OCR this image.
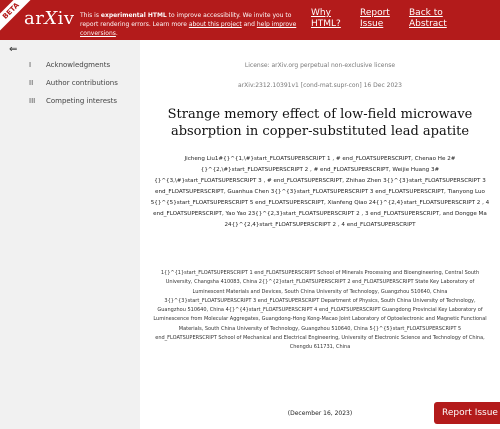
BETA arXiv This is experimental HTML to improve accessibility. We invite you to report rendering errors. Learn more about this project and help improve conversions.
Why
HTML?
Report
Issue
Back to
Abstract
⇐
I	Acknowledgments
II	Author contributions
III	Competing interests
License: arXiv.org perpetual non-exclusive license
arXiv:2312.10391v1 [cond-mat.supr-con] 16 Dec 2023
Strange memory effect of low-field microwave absorption in copper-substituted lead apatite
Jicheng Liu1#{}^{1,\#}start_FLOATSUPERSCRIPT 1 , # end_FLOATSUPERSCRIPT, Chenao He 2#{}^{2,\#}start_FLOATSUPERSCRIPT 2 , # end_FLOATSUPERSCRIPT, Weijie Huang 3#{}^{3,\#}start_FLOATSUPERSCRIPT 3 , # end_FLOATSUPERSCRIPT, Zhihao Zhen 3{}^{3}start_FLOATSUPERSCRIPT 3 end_FLOATSUPERSCRIPT, Guanhua Chen 3{}^{3}start_FLOATSUPERSCRIPT 3 end_FLOATSUPERSCRIPT, Tianyong Luo 5{}^{5}start_FLOATSUPERSCRIPT 5 end_FLOATSUPERSCRIPT, Xianfeng Qiao 24{}^{2,4}start_FLOATSUPERSCRIPT 2 , 4 end_FLOATSUPERSCRIPT, Yao Yao 23{}^{2,3}start_FLOATSUPERSCRIPT 2 , 3 end_FLOATSUPERSCRIPT, and Dongge Ma 24{}^{2,4}start_FLOATSUPERSCRIPT 2 , 4 end_FLOATSUPERSCRIPT
1{}^{1}start_FLOATSUPERSCRIPT 1 end_FLOATSUPERSCRIPT School of Minerals Processing and Bioengineering, Central South University, Changsha 410083, China 2{}^{2}start_FLOATSUPERSCRIPT 2 end_FLOATSUPERSCRIPT State Key Laboratory of Luminescent Materials and Devices, South China University of Technology, Guangzhou 510640, China 3{}^{3}start_FLOATSUPERSCRIPT 3 end_FLOATSUPERSCRIPT Department of Physics, South China University of Technology, Guangzhou 510640, China 4{}^{4}start_FLOATSUPERSCRIPT 4 end_FLOATSUPERSCRIPT Guangdong Provincial Key Laboratory of Luminescence from Molecular Aggregates, Guangdong-Hong Kong-Macao Joint Laboratory of Optoelectronic and Magnetic Functional Materials, South China University of Technology, Guangzhou 510640, China 5{}^{5}start_FLOATSUPERSCRIPT 5 end_FLOATSUPERSCRIPT School of Mechanical and Electrical Engineering, University of Electronic Science and Technology of China, Chengdu 611731, China
(December 16, 2023)	Report Issue
